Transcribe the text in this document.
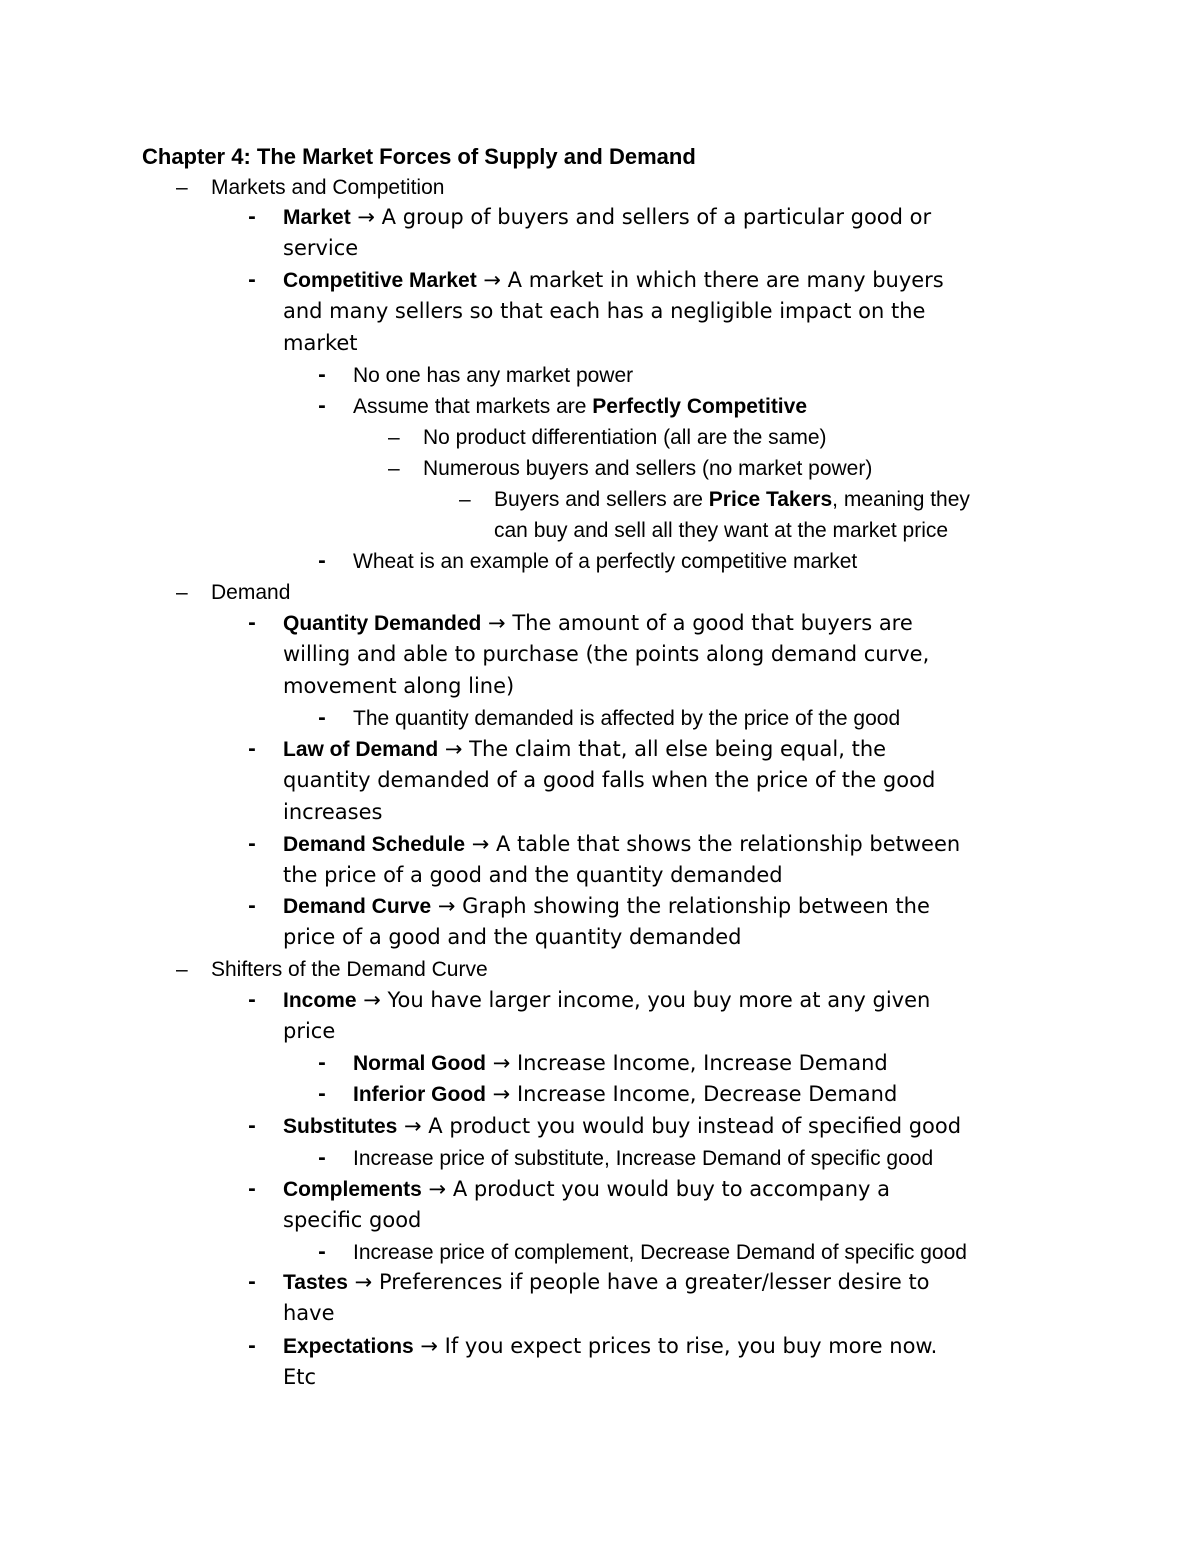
Chapter 4: The Market Forces of Supply and Demand
– Markets and Competition
- Market → A group of buyers and sellers of a particular good or
service
- Competitive Market → A market in which there are many buyers
and many sellers so that each has a negligible impact on the
market
- No one has any market power
- Assume that markets are Perfectly Competitive
– No product differentiation (all are the same)
– Numerous buyers and sellers (no market power)
– Buyers and sellers are Price Takers, meaning they
can buy and sell all they want at the market price
- Wheat is an example of a perfectly competitive market
– Demand
- Quantity Demanded → The amount of a good that buyers are
willing and able to purchase (the points along demand curve,
movement along line)
- The quantity demanded is affected by the price of the good
- Law of Demand → The claim that, all else being equal, the
quantity demanded of a good falls when the price of the good
increases
- Demand Schedule → A table that shows the relationship between
the price of a good and the quantity demanded
- Demand Curve → Graph showing the relationship between the
price of a good and the quantity demanded
– Shifters of the Demand Curve
- Income → You have larger income, you buy more at any given
price
- Normal Good → Increase Income, Increase Demand
- Inferior Good → Increase Income, Decrease Demand
- Substitutes → A product you would buy instead of specified good
- Increase price of substitute, Increase Demand of specific good
- Complements → A product you would buy to accompany a
specific good
- Increase price of complement, Decrease Demand of specific good
- Tastes → Preferences if people have a greater/lesser desire to
have
- Expectations → If you expect prices to rise, you buy more now.
Etc
